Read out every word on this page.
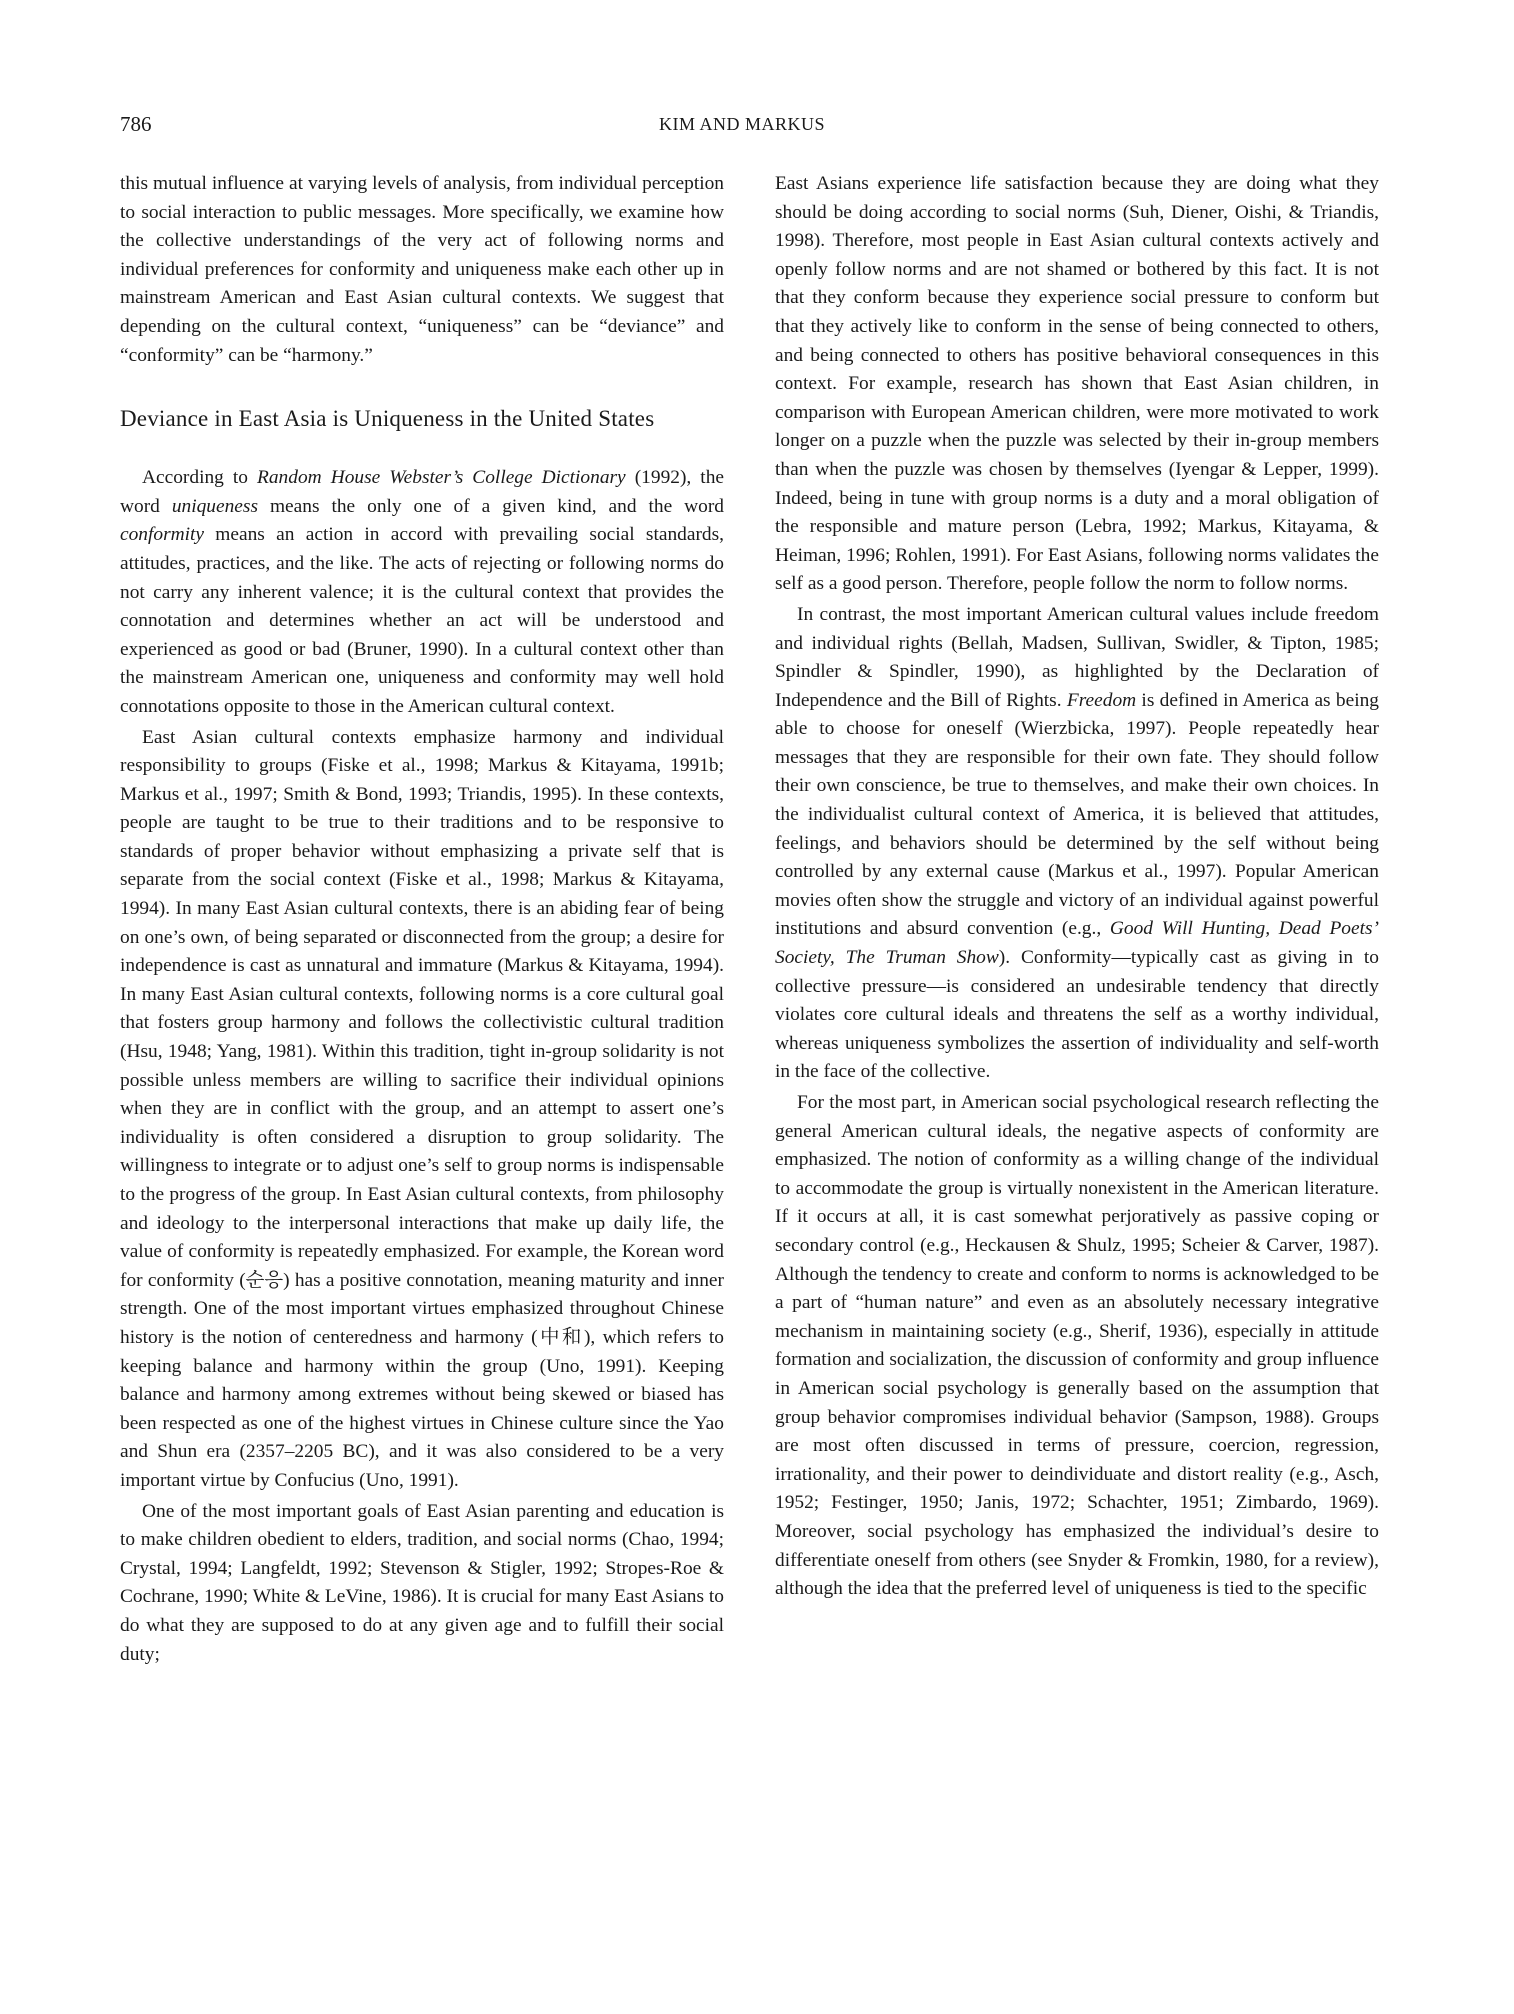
786	KIM AND MARKUS

this mutual influence at varying levels of analysis, from individual perception to social interaction to public messages. More specifically, we examine how the collective understandings of the very act of following norms and individual preferences for conformity and uniqueness make each other up in mainstream American and East Asian cultural contexts. We suggest that depending on the cultural context, “uniqueness” can be “deviance” and “conformity” can be “harmony.”

Deviance in East Asia is Uniqueness in the United States

According to Random House Webster’s College Dictionary (1992), the word uniqueness means the only one of a given kind, and the word conformity means an action in accord with prevailing social standards, attitudes, practices, and the like. The acts of rejecting or following norms do not carry any inherent valence; it is the cultural context that provides the connotation and determines whether an act will be understood and experienced as good or bad (Bruner, 1990). In a cultural context other than the mainstream American one, uniqueness and conformity may well hold connotations opposite to those in the American cultural context.

East Asian cultural contexts emphasize harmony and individual responsibility to groups (Fiske et al., 1998; Markus & Kitayama, 1991b; Markus et al., 1997; Smith & Bond, 1993; Triandis, 1995). In these contexts, people are taught to be true to their traditions and to be responsive to standards of proper behavior without emphasizing a private self that is separate from the social context (Fiske et al., 1998; Markus & Kitayama, 1994). In many East Asian cultural contexts, there is an abiding fear of being on one’s own, of being separated or disconnected from the group; a desire for independence is cast as unnatural and immature (Markus & Kitayama, 1994). In many East Asian cultural contexts, following norms is a core cultural goal that fosters group harmony and follows the collectivistic cultural tradition (Hsu, 1948; Yang, 1981). Within this tradition, tight in-group solidarity is not possible unless members are willing to sacrifice their individual opinions when they are in conflict with the group, and an attempt to assert one’s individuality is often considered a disruption to group solidarity. The willingness to integrate or to adjust one’s self to group norms is indispensable to the progress of the group. In East Asian cultural contexts, from philosophy and ideology to the interpersonal interactions that make up daily life, the value of conformity is repeatedly emphasized. For example, the Korean word for conformity (순응) has a positive connotation, meaning maturity and inner strength. One of the most important virtues emphasized throughout Chinese history is the notion of centeredness and harmony (中和), which refers to keeping balance and harmony within the group (Uno, 1991). Keeping balance and harmony among extremes without being skewed or biased has been respected as one of the highest virtues in Chinese culture since the Yao and Shun era (2357–2205 BC), and it was also considered to be a very important virtue by Confucius (Uno, 1991).

One of the most important goals of East Asian parenting and education is to make children obedient to elders, tradition, and social norms (Chao, 1994; Crystal, 1994; Langfeldt, 1992; Stevenson & Stigler, 1992; Stropes-Roe & Cochrane, 1990; White & LeVine, 1986). It is crucial for many East Asians to do what they are supposed to do at any given age and to fulfill their social duty;

East Asians experience life satisfaction because they are doing what they should be doing according to social norms (Suh, Diener, Oishi, & Triandis, 1998). Therefore, most people in East Asian cultural contexts actively and openly follow norms and are not shamed or bothered by this fact. It is not that they conform because they experience social pressure to conform but that they actively like to conform in the sense of being connected to others, and being connected to others has positive behavioral consequences in this context. For example, research has shown that East Asian children, in comparison with European American children, were more motivated to work longer on a puzzle when the puzzle was selected by their in-group members than when the puzzle was chosen by themselves (Iyengar & Lepper, 1999). Indeed, being in tune with group norms is a duty and a moral obligation of the responsible and mature person (Lebra, 1992; Markus, Kitayama, & Heiman, 1996; Rohlen, 1991). For East Asians, following norms validates the self as a good person. Therefore, people follow the norm to follow norms.

In contrast, the most important American cultural values include freedom and individual rights (Bellah, Madsen, Sullivan, Swidler, & Tipton, 1985; Spindler & Spindler, 1990), as highlighted by the Declaration of Independence and the Bill of Rights. Freedom is defined in America as being able to choose for oneself (Wierzbicka, 1997). People repeatedly hear messages that they are responsible for their own fate. They should follow their own conscience, be true to themselves, and make their own choices. In the individualist cultural context of America, it is believed that attitudes, feelings, and behaviors should be determined by the self without being controlled by any external cause (Markus et al., 1997). Popular American movies often show the struggle and victory of an individual against powerful institutions and absurd convention (e.g., Good Will Hunting, Dead Poets’ Society, The Truman Show). Conformity—typically cast as giving in to collective pressure—is considered an undesirable tendency that directly violates core cultural ideals and threatens the self as a worthy individual, whereas uniqueness symbolizes the assertion of individuality and self-worth in the face of the collective.

For the most part, in American social psychological research reflecting the general American cultural ideals, the negative aspects of conformity are emphasized. The notion of conformity as a willing change of the individual to accommodate the group is virtually nonexistent in the American literature. If it occurs at all, it is cast somewhat perjoratively as passive coping or secondary control (e.g., Heckausen & Shulz, 1995; Scheier & Carver, 1987). Although the tendency to create and conform to norms is acknowledged to be a part of “human nature” and even as an absolutely necessary integrative mechanism in maintaining society (e.g., Sherif, 1936), especially in attitude formation and socialization, the discussion of conformity and group influence in American social psychology is generally based on the assumption that group behavior compromises individual behavior (Sampson, 1988). Groups are most often discussed in terms of pressure, coercion, regression, irrationality, and their power to deindividuate and distort reality (e.g., Asch, 1952; Festinger, 1950; Janis, 1972; Schachter, 1951; Zimbardo, 1969). Moreover, social psychology has emphasized the individual’s desire to differentiate oneself from others (see Snyder & Fromkin, 1980, for a review), although the idea that the preferred level of uniqueness is tied to the specific
